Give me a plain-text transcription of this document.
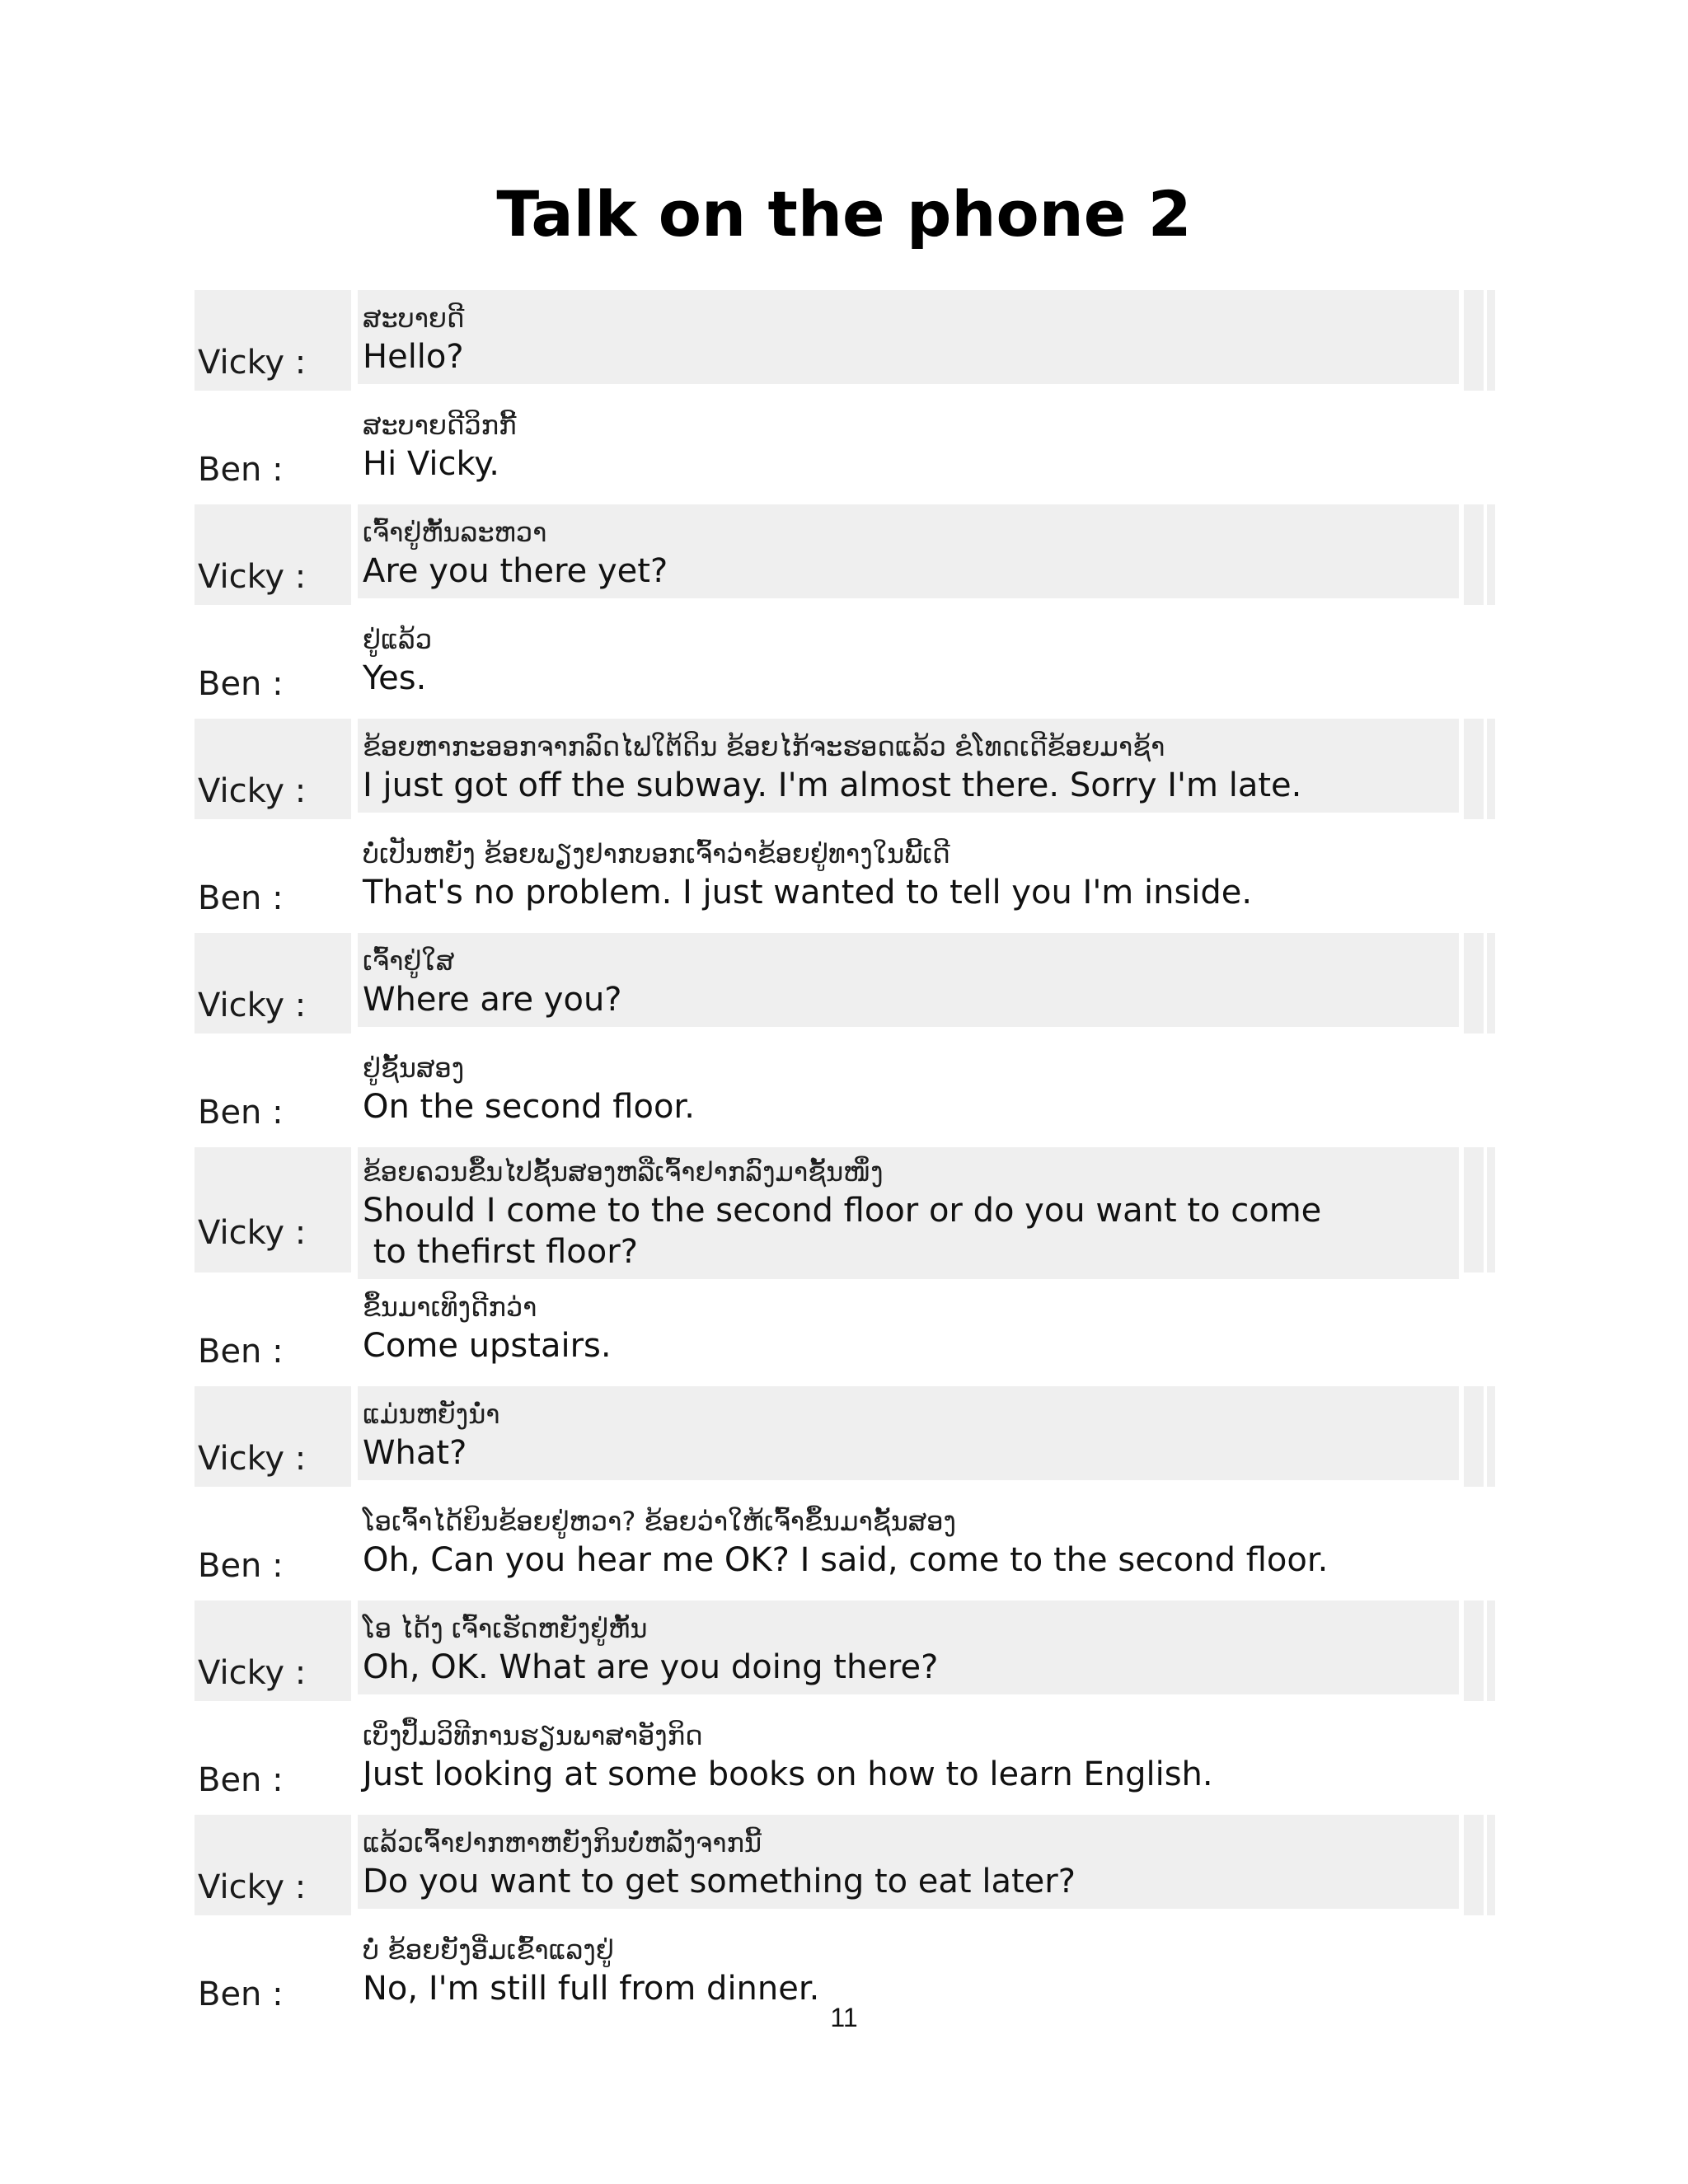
Talk on the phone 2
Vicky :
ສະບາຍດີ
Hello?
Ben :
ສະບາຍດີວິກກີ້
Hi Vicky.
Vicky :
ເຈົ້າຢູ່ຫັ້ນລະຫວາ
Are you there yet?
Ben :
ຢູ່ແລ້ວ
Yes.
Vicky :
ຂ້ອຍຫາກະອອກຈາກລົດໄຟໃຕ້ດິນ ຂ້ອຍໄກ້ຈະຮອດແລ້ວ ຂໍໂທດເດີຂ້ອຍມາຊ້າ
I just got off the subway. I'm almost there. Sorry I'm late.
Ben :
ບໍ່ເປັນຫຍັງ ຂ້ອຍພຽງຢາກບອກເຈົ້າວ່າຂ້ອຍຢູ່ທາງໃນພີ້ເດີ
That's no problem. I just wanted to tell you I'm inside.
Vicky :
ເຈົ້າຢູ່ໃສ
Where are you?
Ben :
ຢູ່ຊັ້ນສອງ
On the second floor.
Vicky :
ຂ້ອຍຄວນຂຶ້ນໄປຊັ້ນສອງຫລືເຈົ້າຢາກລົງມາຊັ້ນໜຶ່ງ
Should I come to the second floor or do you want to come
to thefirst floor?
Ben :
ຂຶ້ນມາເທິງດີກວ່າ
Come upstairs.
Vicky :
ແມ່ນຫຍັງນໍ່າ
What?
Ben :
ໂອເຈົ້າໄດ້ຍິນຂ້ອຍຢູ່ຫວາ? ຂ້ອຍວ່າໃຫ້ເຈົ້າຂຶ້ນມາຊັ້ນສອງ
Oh, Can you hear me OK? I said, come to the second floor.
Vicky :
ໂອ ໄດ້ງ ເຈົ້າເຮັດຫຍັງຢູ່ຫັ້ນ
Oh, OK. What are you doing there?
Ben :
ເບິ່ງປຶ້ມວິທີການຮຽນພາສາອັງກິດ
Just looking at some books on how to learn English.
Vicky :
ແລ້ວເຈົ້າຢາກຫາຫຍັງກິນບໍ່ຫລັງຈາກນີ້
Do you want to get something to eat later?
Ben :
ບໍ່ ຂ້ອຍຍັງອີ່ມເຂົ້າແລງຢູ່
No, I'm still full from dinner.
11
